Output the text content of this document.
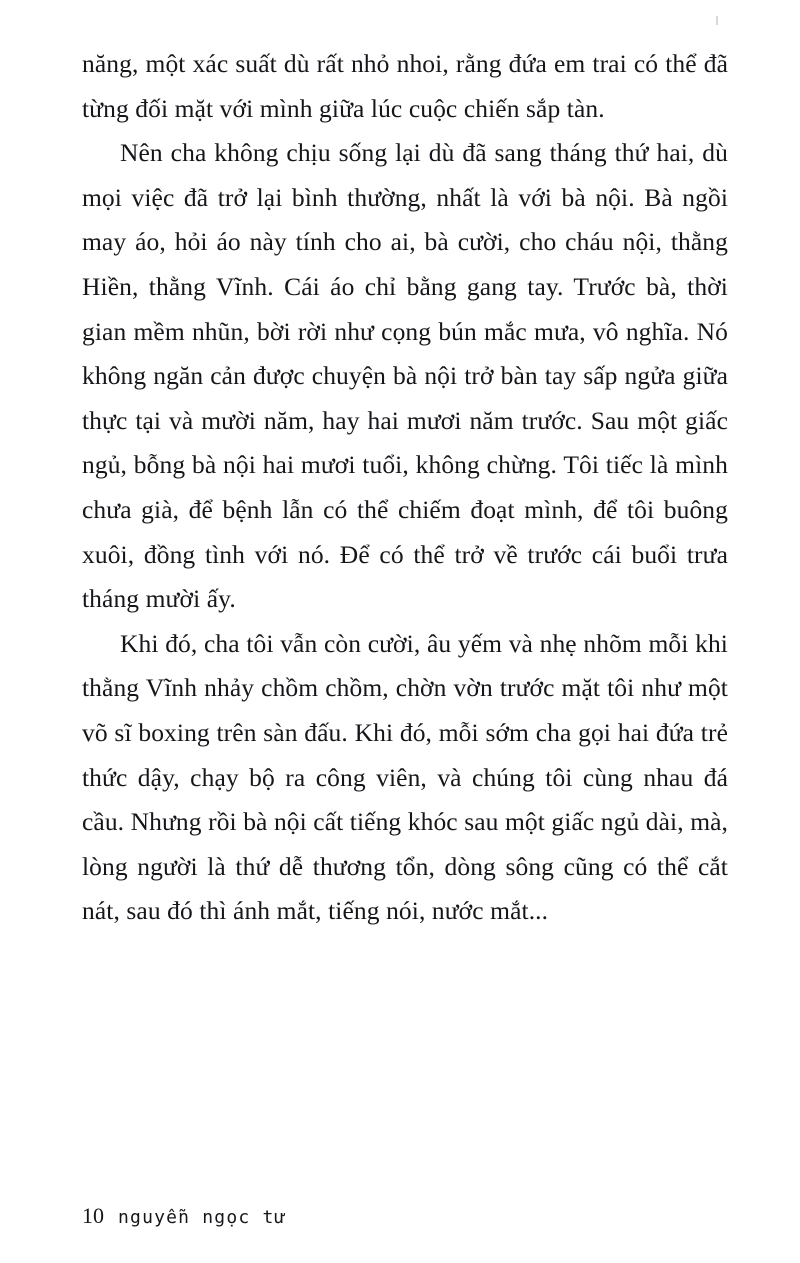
năng, một xác suất dù rất nhỏ nhoi, rằng đứa em trai có thể đã từng đối mặt với mình giữa lúc cuộc chiến sắp tàn.

Nên cha không chịu sống lại dù đã sang tháng thứ hai, dù mọi việc đã trở lại bình thường, nhất là với bà nội. Bà ngồi may áo, hỏi áo này tính cho ai, bà cười, cho cháu nội, thằng Hiền, thằng Vĩnh. Cái áo chỉ bằng gang tay. Trước bà, thời gian mềm nhũn, bời rời như cọng bún mắc mưa, vô nghĩa. Nó không ngăn cản được chuyện bà nội trở bàn tay sấp ngửa giữa thực tại và mười năm, hay hai mươi năm trước. Sau một giấc ngủ, bỗng bà nội hai mươi tuổi, không chừng. Tôi tiếc là mình chưa già, để bệnh lẫn có thể chiếm đoạt mình, để tôi buông xuôi, đồng tình với nó. Để có thể trở về trước cái buổi trưa tháng mười ấy.

Khi đó, cha tôi vẫn còn cười, âu yếm và nhẹ nhõm mỗi khi thằng Vĩnh nhảy chồm chồm, chờn vờn trước mặt tôi như một võ sĩ boxing trên sàn đấu. Khi đó, mỗi sớm cha gọi hai đứa trẻ thức dậy, chạy bộ ra công viên, và chúng tôi cùng nhau đá cầu. Nhưng rồi bà nội cất tiếng khóc sau một giấc ngủ dài, mà, lòng người là thứ dễ thương tổn, dòng sông cũng có thể cắt nát, sau đó thì ánh mắt, tiếng nói, nước mắt...

10 nguyễn ngọc tư
